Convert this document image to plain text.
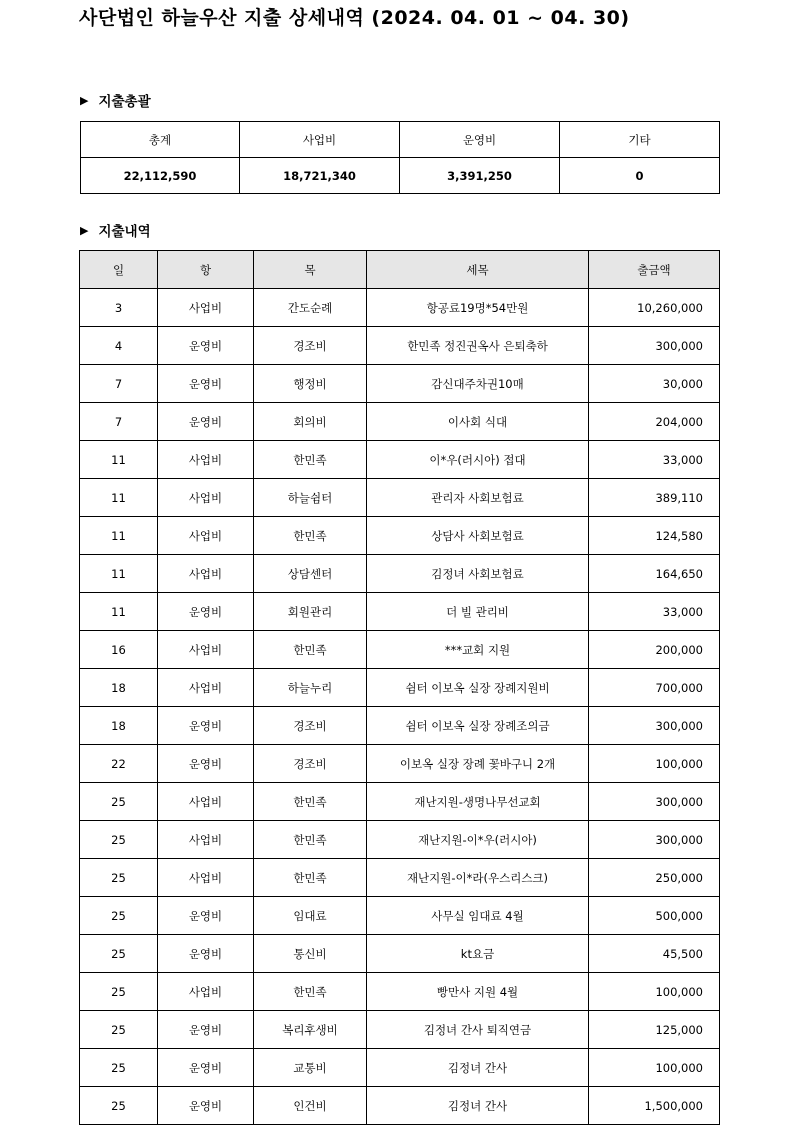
사단법인 하늘우산 지출 상세내역 (2024. 04. 01 ~ 04. 30)
▶ 지출총괄
총계	사업비	운영비	기타
22,112,590	18,721,340	3,391,250	0
▶ 지출내역
일	항	목	세목	출금액
3	사업비	간도순례	항공료19명*54만원	10,260,000
4	운영비	경조비	한민족 정진권옥사 은퇴축하	300,000
7	운영비	행정비	감신대주차권10매	30,000
7	운영비	회의비	이사회 식대	204,000
11	사업비	한민족	이*우(러시아) 접대	33,000
11	사업비	하늘쉼터	관리자 사회보험료	389,110
11	사업비	한민족	상담사 사회보험료	124,580
11	사업비	상담센터	김정녀 사회보험료	164,650
11	운영비	회원관리	더 빌 관리비	33,000
16	사업비	한민족	***교회 지원	200,000
18	사업비	하늘누리	쉼터 이보옥 실장 장례지원비	700,000
18	운영비	경조비	쉼터 이보옥 실장 장례조의금	300,000
22	운영비	경조비	이보옥 실장 장례 꽃바구니 2개	100,000
25	사업비	한민족	재난지원-생명나무선교회	300,000
25	사업비	한민족	재난지원-이*우(러시아)	300,000
25	사업비	한민족	재난지원-이*라(우스리스크)	250,000
25	운영비	임대료	사무실 임대료 4월	500,000
25	운영비	통신비	kt요금	45,500
25	사업비	한민족	빵만사 지원 4월	100,000
25	운영비	복리후생비	김정녀 간사 퇴직연금	125,000
25	운영비	교통비	김정녀 간사	100,000
25	운영비	인건비	김정녀 간사	1,500,000
